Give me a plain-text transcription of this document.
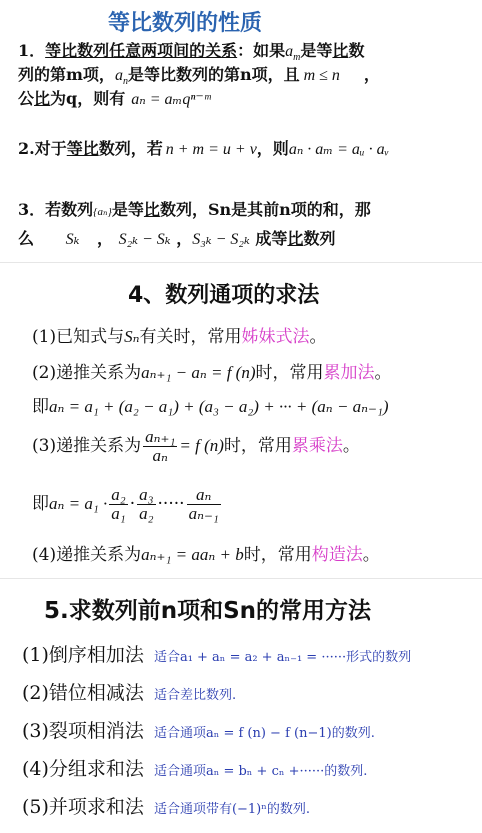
等比数列的性质
1．等比数列任意两项间的关系：如果$a_m$是等比数
列的第m项，$a_n$是等比数列的第n项，且 m ≤ n ，
公比为q，则有 aₙ = aₘqⁿ⁻ᵐ
2.对于等比数列，若 n + m = u + v，则aₙ · aₘ = aᵤ · aᵥ
3．若数列{aₙ}是等比数列，Sn是其前n项的和，那
么 Sₖ ， S₂ₖ − Sₖ ，S₃ₖ − S₂ₖ 成等比数列
4、数列通项的求法
(1)已知式与Sₙ有关时，常用姊妹式法。
(2)递推关系为aₙ₊₁ − aₙ = f (n)时，常用累加法。
即aₙ = a₁ + (a₂ − a₁) + (a₃ − a₂) + ··· + (aₙ − aₙ₋₁)
(3)递推关系为 $\frac{\text{aₙ₊₁}}{\text{aₙ}} = f$ (n)时，常用累乘法。
即$a_n = a_1 \cdot \frac{\text{a₂}}{\text{a₁}} \cdot \frac{\text{a₃}}{\text{a₂}}$ ····· $\frac{\text{aₙ}}{\text{aₙ₋₁}}$
(4)递推关系为aₙ₊₁ = aaₙ + b时，常用构造法。
5.求数列前n项和Sn的常用方法
(1)倒序相加法 适合a₁ + aₙ = a₂ + aₙ₋₁ = ······形式的数列
(2)错位相减法 适合差比数列.
(3)裂项相消法 适合通项aₙ = f (n) − f (n−1)的数列.
(4)分组求和法 适合通项aₙ = bₙ + cₙ +······的数列.
(5)并项求和法 适合通项带有(−1)ⁿ的数列.
